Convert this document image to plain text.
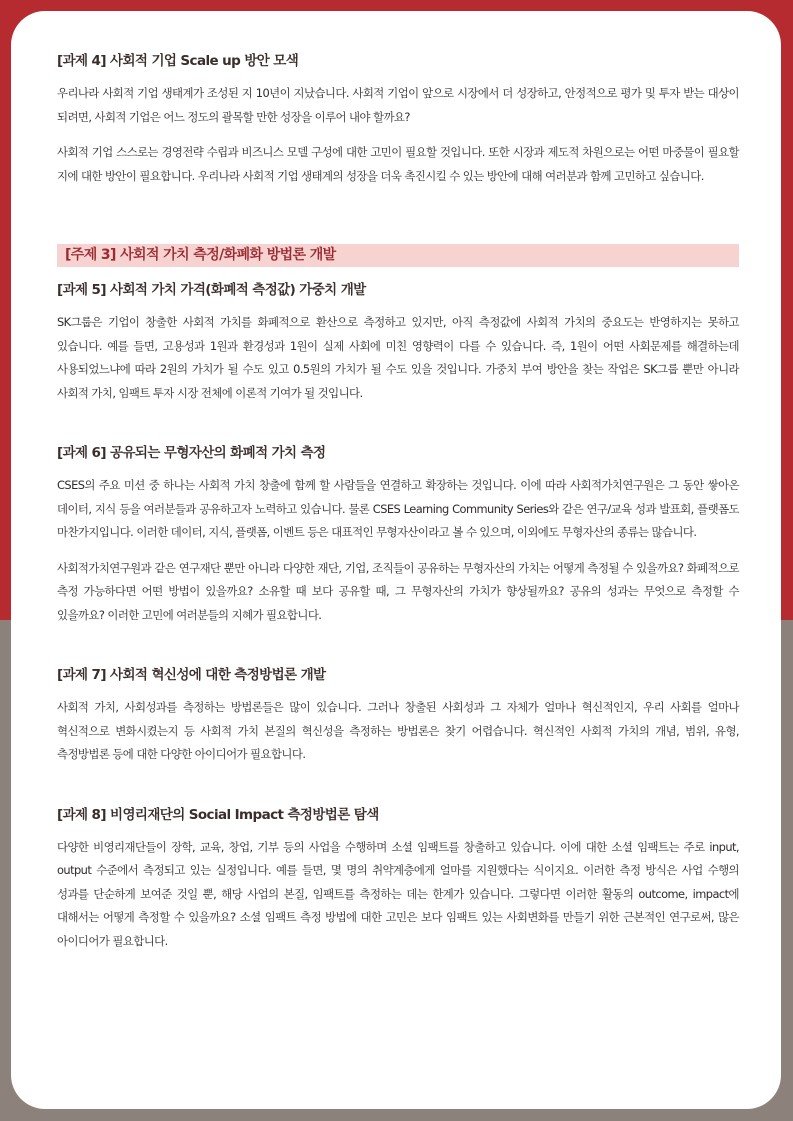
[과제 4] 사회적 기업 Scale up 방안 모색

우리나라 사회적 기업 생태계가 조성된 지 10년이 지났습니다. 사회적 기업이 앞으로 시장에서 더 성장하고, 안정적으로 평가 및 투자 받는 대상이 되려면, 사회적 기업은 어느 정도의 괄목할 만한 성장을 이루어 내야 할까요?

사회적 기업 스스로는 경영전략 수립과 비즈니스 모델 구성에 대한 고민이 필요할 것입니다. 또한 시장과 제도적 차원으로는 어떤 마중물이 필요할 지에 대한 방안이 필요합니다. 우리나라 사회적 기업 생태계의 성장을 더욱 촉진시킬 수 있는 방안에 대해 여러분과 함께 고민하고 싶습니다.

[주제 3] 사회적 가치 측정/화폐화 방법론 개발
[과제 5] 사회적 가치 가격(화폐적 측정값) 가중치 개발

SK그룹은 기업이 창출한 사회적 가치를 화폐적으로 환산으로 측정하고 있지만, 아직 측정값에 사회적 가치의 중요도는 반영하지는 못하고 있습니다. 예를 들면, 고용성과 1원과 환경성과 1원이 실제 사회에 미친 영향력이 다를 수 있습니다. 즉, 1원이 어떤 사회문제를 해결하는데 사용되었느냐에 따라 2원의 가치가 될 수도 있고 0.5원의 가치가 될 수도 있을 것입니다. 가중치 부여 방안을 찾는 작업은 SK그룹 뿐만 아니라 사회적 가치, 임팩트 투자 시장 전체에 이론적 기여가 될 것입니다.

[과제 6] 공유되는 무형자산의 화폐적 가치 측정

CSES의 주요 미션 중 하나는 사회적 가치 창출에 함께 할 사람들을 연결하고 확장하는 것입니다. 이에 따라 사회적가치연구원은 그 동안 쌓아온 데이터, 지식 등을 여러분들과 공유하고자 노력하고 있습니다. 물론 CSES Learning Community Series와 같은 연구/교육 성과 발표회, 플랫폼도 마찬가지입니다. 이러한 데이터, 지식, 플랫폼, 이벤트 등은 대표적인 무형자산이라고 볼 수 있으며, 이외에도 무형자산의 종류는 많습니다.

사회적가치연구원과 같은 연구재단 뿐만 아니라 다양한 재단, 기업, 조직들이 공유하는 무형자산의 가치는 어떻게 측정될 수 있을까요? 화폐적으로 측정 가능하다면 어떤 방법이 있을까요? 소유할 때 보다 공유할 때, 그 무형자산의 가치가 향상될까요? 공유의 성과는 무엇으로 측정할 수 있을까요? 이러한 고민에 여러분들의 지혜가 필요합니다.

[과제 7] 사회적 혁신성에 대한 측정방법론 개발

사회적 가치, 사회성과를 측정하는 방법론들은 많이 있습니다. 그러나 창출된 사회성과 그 자체가 얼마나 혁신적인지, 우리 사회를 얼마나 혁신적으로 변화시켰는지 등 사회적 가치 본질의 혁신성을 측정하는 방법론은 찾기 어렵습니다. 혁신적인 사회적 가치의 개념, 범위, 유형, 측정방법론 등에 대한 다양한 아이디어가 필요합니다.

[과제 8] 비영리재단의 Social Impact 측정방법론 탐색

다양한 비영리재단들이 장학, 교육, 창업, 기부 등의 사업을 수행하며 소셜 임팩트를 창출하고 있습니다. 이에 대한 소셜 임팩트는 주로 input, output 수준에서 측정되고 있는 실정입니다. 예를 들면, 몇 명의 취약계층에게 얼마를 지원했다는 식이지요. 이러한 측정 방식은 사업 수행의 성과를 단순하게 보여준 것일 뿐, 해당 사업의 본질, 임팩트를 측정하는 데는 한계가 있습니다. 그렇다면 이러한 활동의 outcome, impact에 대해서는 어떻게 측정할 수 있을까요? 소셜 임팩트 측정 방법에 대한 고민은 보다 임팩트 있는 사회변화를 만들기 위한 근본적인 연구로써, 많은 아이디어가 필요합니다.
